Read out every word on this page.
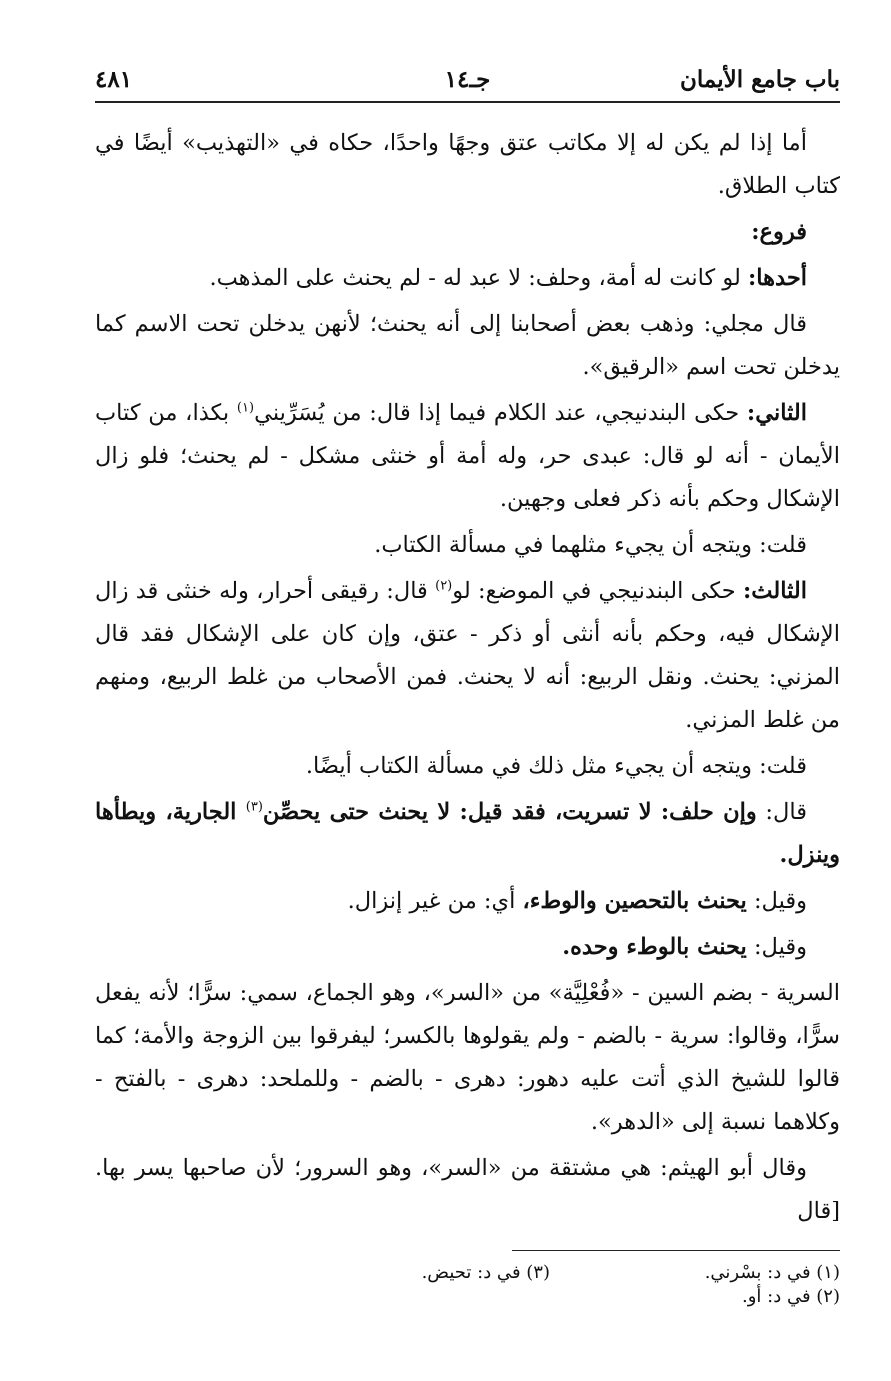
باب جامع الأيمان
جـ١٤
٤٨١

أما إذا لم يكن له إلا مكاتب عتق وجهًا واحدًا، حكاه في «التهذيب» أيضًا في كتاب الطلاق.

فروع:

أحدها: لو كانت له أمة، وحلف: لا عبد له - لم يحنث على المذهب.

قال مجلي: وذهب بعض أصحابنا إلى أنه يحنث؛ لأنهن يدخلن تحت الاسم كما يدخلن تحت اسم «الرقيق».

الثاني: حكى البندنيجي، عند الكلام فيما إذا قال: من يُسَرِّيني$^{(١)}$ بكذا، من كتاب الأيمان - أنه لو قال: عبدى حر، وله أمة أو خنثى مشكل - لم يحنث؛ فلو زال الإشكال وحكم بأنه ذكر فعلى وجهين.

قلت: ويتجه أن يجيء مثلهما في مسألة الكتاب.

الثالث: حكى البندنيجي في الموضع: لو$^{(٢)}$ قال: رقيقى أحرار، وله خنثى قد زال الإشكال فيه، وحكم بأنه أنثى أو ذكر - عتق، وإن كان على الإشكال فقد قال المزني: يحنث. ونقل الربيع: أنه لا يحنث. فمن الأصحاب من غلط الربيع، ومنهم من غلط المزني.

قلت: ويتجه أن يجيء مثل ذلك في مسألة الكتاب أيضًا.

قال: وإن حلف: لا تسريت، فقد قيل: لا يحنث حتى يحصِّن$^{(٣)}$ الجارية، ويطأها وينزل.

وقيل: يحنث بالتحصين والوطء، أي: من غير إنزال.

وقيل: يحنث بالوطء وحده.

السرية - بضم السين - «فُعْلِيَّة» من «السر»، وهو الجماع، سمي: سرًّا؛ لأنه يفعل سرًّا، وقالوا: سرية - بالضم - ولم يقولوها بالكسر؛ ليفرقوا بين الزوجة والأمة؛ كما قالوا للشيخ الذي أتت عليه دهور: دهرى - بالضم - وللملحد: دهرى - بالفتح - وكلاهما نسبة إلى «الدهر».

وقال أبو الهيثم: هي مشتقة من «السر»، وهو السرور؛ لأن صاحبها يسر بها. [قال

(١) في د: بسْرني.
(٢) في د: أو.
(٣) في د: تحيض.
